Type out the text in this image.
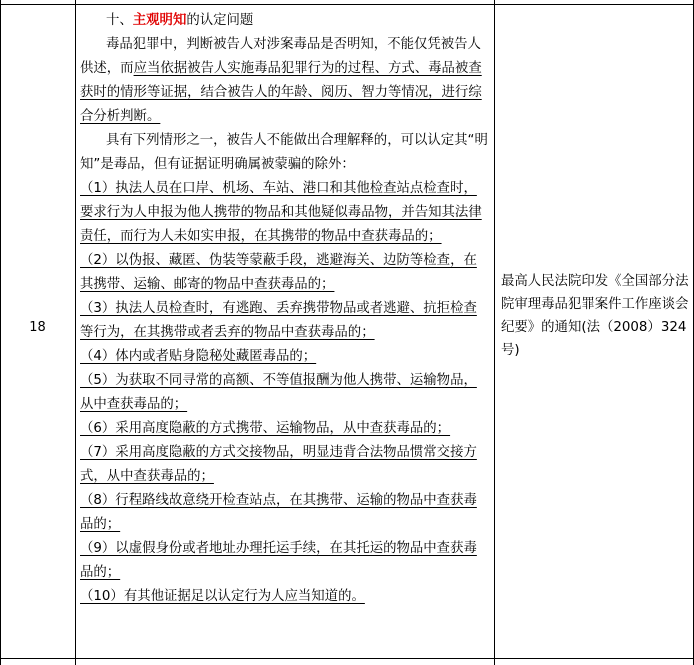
18

十、主观明知的认定问题

毒品犯罪中，判断被告人对涉案毒品是否明知，不能仅凭被告人供述，而应当依据被告人实施毒品犯罪行为的过程、方式、毒品被查获时的情形等证据，结合被告人的年龄、阅历、智力等情况，进行综合分析判断。

具有下列情形之一，被告人不能做出合理解释的，可以认定其“明知”是毒品，但有证据证明确属被蒙骗的除外：

（1）执法人员在口岸、机场、车站、港口和其他检查站点检查时，要求行为人申报为他人携带的物品和其他疑似毒品物，并告知其法律责任，而行为人未如实申报，在其携带的物品中查获毒品的；

（2）以伪报、藏匿、伪装等蒙蔽手段，逃避海关、边防等检查，在其携带、运输、邮寄的物品中查获毒品的；

（3）执法人员检查时，有逃跑、丢弃携带物品或者逃避、抗拒检查等行为，在其携带或者丢弃的物品中查获毒品的；

（4）体内或者贴身隐秘处藏匿毒品的；

（5）为获取不同寻常的高额、不等值报酬为他人携带、运输物品，从中查获毒品的；

（6）采用高度隐蔽的方式携带、运输物品，从中查获毒品的；

（7）采用高度隐蔽的方式交接物品，明显违背合法物品惯常交接方式，从中查获毒品的；

（8）行程路线故意绕开检查站点，在其携带、运输的物品中查获毒品的；

（9）以虚假身份或者地址办理托运手续，在其托运的物品中查获毒品的；

（10）有其他证据足以认定行为人应当知道的。

最高人民法院印发《全国部分法院审理毒品犯罪案件工作座谈会纪要》的通知(法（2008）324号)
